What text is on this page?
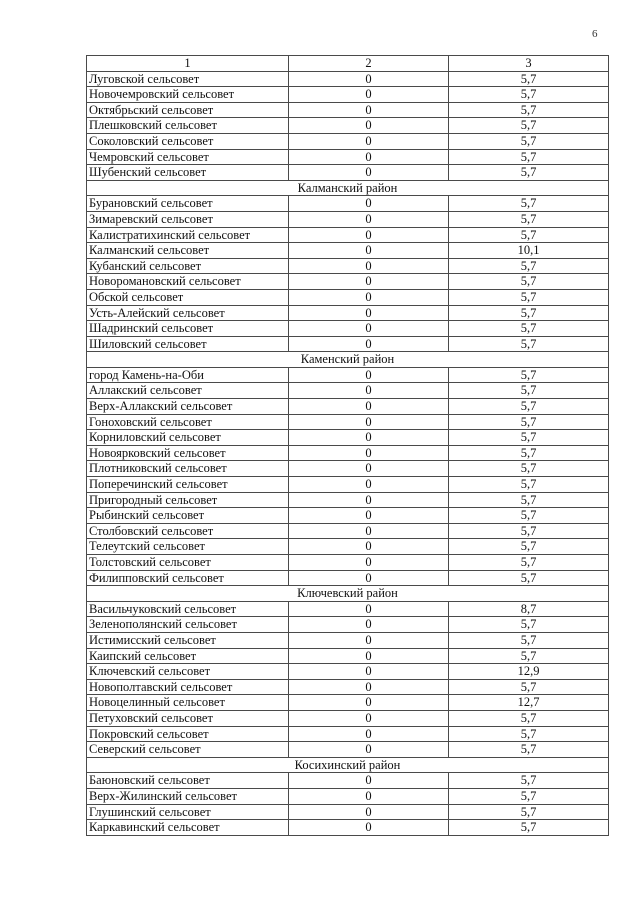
6
1	2	3
Луговской сельсовет	0	5,7
Новочемровский сельсовет	0	5,7
Октябрьский сельсовет	0	5,7
Плешковский сельсовет	0	5,7
Соколовский сельсовет	0	5,7
Чемровский сельсовет	0	5,7
Шубенский сельсовет	0	5,7
Калманский район		
Бурановский сельсовет	0	5,7
Зимаревский сельсовет	0	5,7
Калистратихинский сельсовет	0	5,7
Калманский сельсовет	0	10,1
Кубанский сельсовет	0	5,7
Новоромановский сельсовет	0	5,7
Обской сельсовет	0	5,7
Усть-Алейский сельсовет	0	5,7
Шадринский сельсовет	0	5,7
Шиловский сельсовет	0	5,7
Каменский район		
город Камень-на-Оби	0	5,7
Аллакский сельсовет	0	5,7
Верх-Аллакский сельсовет	0	5,7
Гоноховский сельсовет	0	5,7
Корниловский сельсовет	0	5,7
Новоярковский сельсовет	0	5,7
Плотниковский сельсовет	0	5,7
Поперечинский сельсовет	0	5,7
Пригородный сельсовет	0	5,7
Рыбинский сельсовет	0	5,7
Столбовский сельсовет	0	5,7
Телеутский сельсовет	0	5,7
Толстовский сельсовет	0	5,7
Филипповский сельсовет	0	5,7
Ключевский район		
Васильчуковский сельсовет	0	8,7
Зеленополянский сельсовет	0	5,7
Истимисский сельсовет	0	5,7
Каипский сельсовет	0	5,7
Ключевский сельсовет	0	12,9
Новополтавский сельсовет	0	5,7
Новоцелинный сельсовет	0	12,7
Петуховский сельсовет	0	5,7
Покровский сельсовет	0	5,7
Северский сельсовет	0	5,7
Косихинский район		
Баюновский сельсовет	0	5,7
Верх-Жилинский сельсовет	0	5,7
Глушинский сельсовет	0	5,7
Каркавинский сельсовет	0	5,7
